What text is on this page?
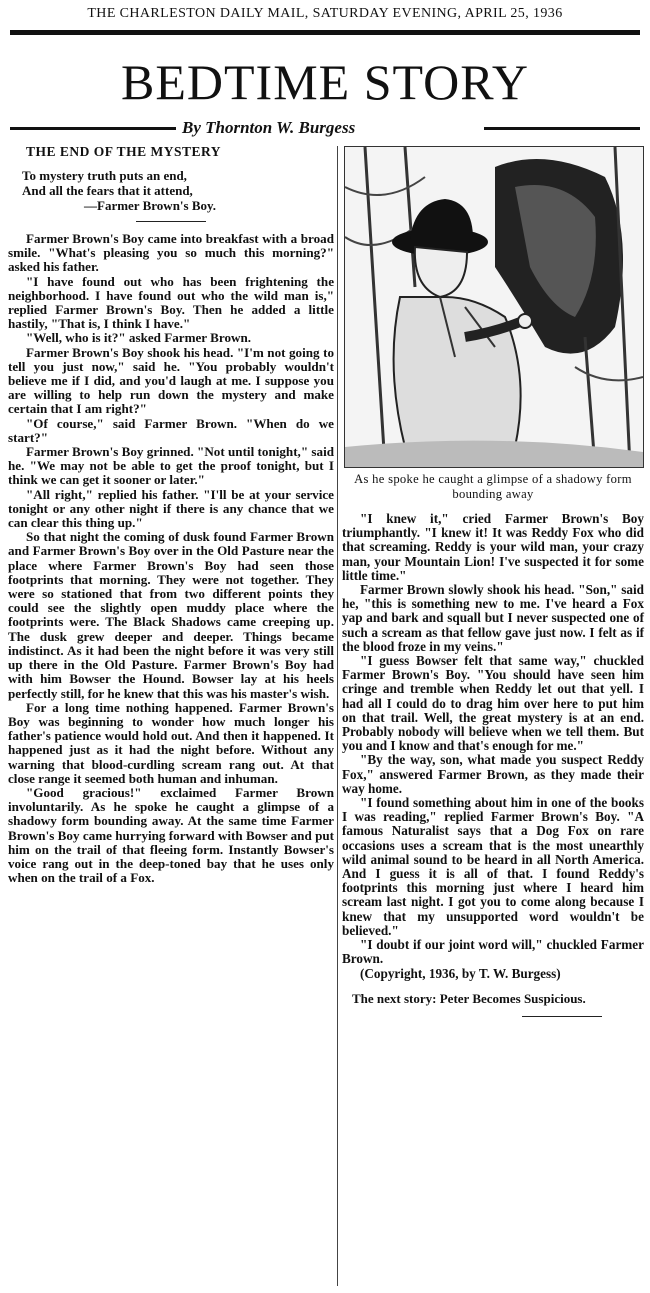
THE CHARLESTON DAILY MAIL, SATURDAY EVENING, APRIL 25, 1936
BEDTIME STORY
By Thornton W. Burgess
THE END OF THE MYSTERY
To mystery truth puts an end,
And all the fears that it attend,
—Farmer Brown's Boy.

Farmer Brown's Boy came into breakfast with a broad smile. "What's pleasing you so much this morning?" asked his father.

"I have found out who has been frightening the neighborhood. I have found out who the wild man is," replied Farmer Brown's Boy. Then he added a little hastily, "That is, I think I have."

"Well, who is it?" asked Farmer Brown.

Farmer Brown's Boy shook his head. "I'm not going to tell you just now," said he. "You probably wouldn't believe me if I did, and you'd laugh at me. I suppose you are willing to help run down the mystery and make certain that I am right?"

"Of course," said Farmer Brown. "When do we start?"

Farmer Brown's Boy grinned. "Not until tonight," said he. "We may not be able to get the proof tonight, but I think we can get it sooner or later."

"All right," replied his father. "I'll be at your service tonight or any other night if there is any chance that we can clear this thing up."

So that night the coming of dusk found Farmer Brown and Farmer Brown's Boy over in the Old Pasture near the place where Farmer Brown's Boy had seen those footprints that morning. They were not together. They were so stationed that from two different points they could see the slightly open muddy place where the footprints were. The Black Shadows came creeping up. The dusk grew deeper and deeper. Things became indistinct. As it had been the night before it was very still up there in the Old Pasture. Farmer Brown's Boy had with him Bowser the Hound. Bowser lay at his heels perfectly still, for he knew that this was his master's wish.

For a long time nothing happened. Farmer Brown's Boy was beginning to wonder how much longer his father's patience would hold out. And then it happened. It happened just as it had the night before. Without any warning that blood-curdling scream rang out. At that close range it seemed both human and inhuman.

"Good gracious!" exclaimed Farmer Brown involuntarily. As he spoke he caught a glimpse of a shadowy form bounding away. At the same time Farmer Brown's Boy came hurrying forward with Bowser and put him on the trail of that fleeing form. Instantly Bowser's voice rang out in the deep-toned bay that he uses only when on the trail of a Fox.

As he spoke he caught a glimpse of a shadowy form bounding away

"I knew it," cried Farmer Brown's Boy triumphantly. "I knew it! It was Reddy Fox who did that screaming. Reddy is your wild man, your crazy man, your Mountain Lion! I've suspected it for some little time."

Farmer Brown slowly shook his head. "Son," said he, "this is something new to me. I've heard a Fox yap and bark and squall but I never suspected one of such a scream as that fellow gave just now. I felt as if the blood froze in my veins."

"I guess Bowser felt that same way," chuckled Farmer Brown's Boy. "You should have seen him cringe and tremble when Reddy let out that yell. I had all I could do to drag him over here to put him on that trail. Well, the great mystery is at an end. Probably nobody will believe when we tell them. But you and I know and that's enough for me."

"By the way, son, what made you suspect Reddy Fox," answered Farmer Brown, as they made their way home.

"I found something about him in one of the books I was reading," replied Farmer Brown's Boy. "A famous Naturalist says that a Dog Fox on rare occasions uses a scream that is the most unearthly wild animal sound to be heard in all North America. And I guess it is all of that. I found Reddy's footprints this morning just where I heard him scream last night. I got you to come along because I knew that my unsupported word wouldn't be believed."

"I doubt if our joint word will," chuckled Farmer Brown.

(Copyright, 1936, by T. W. Burgess)

The next story: Peter Becomes Suspicious.
